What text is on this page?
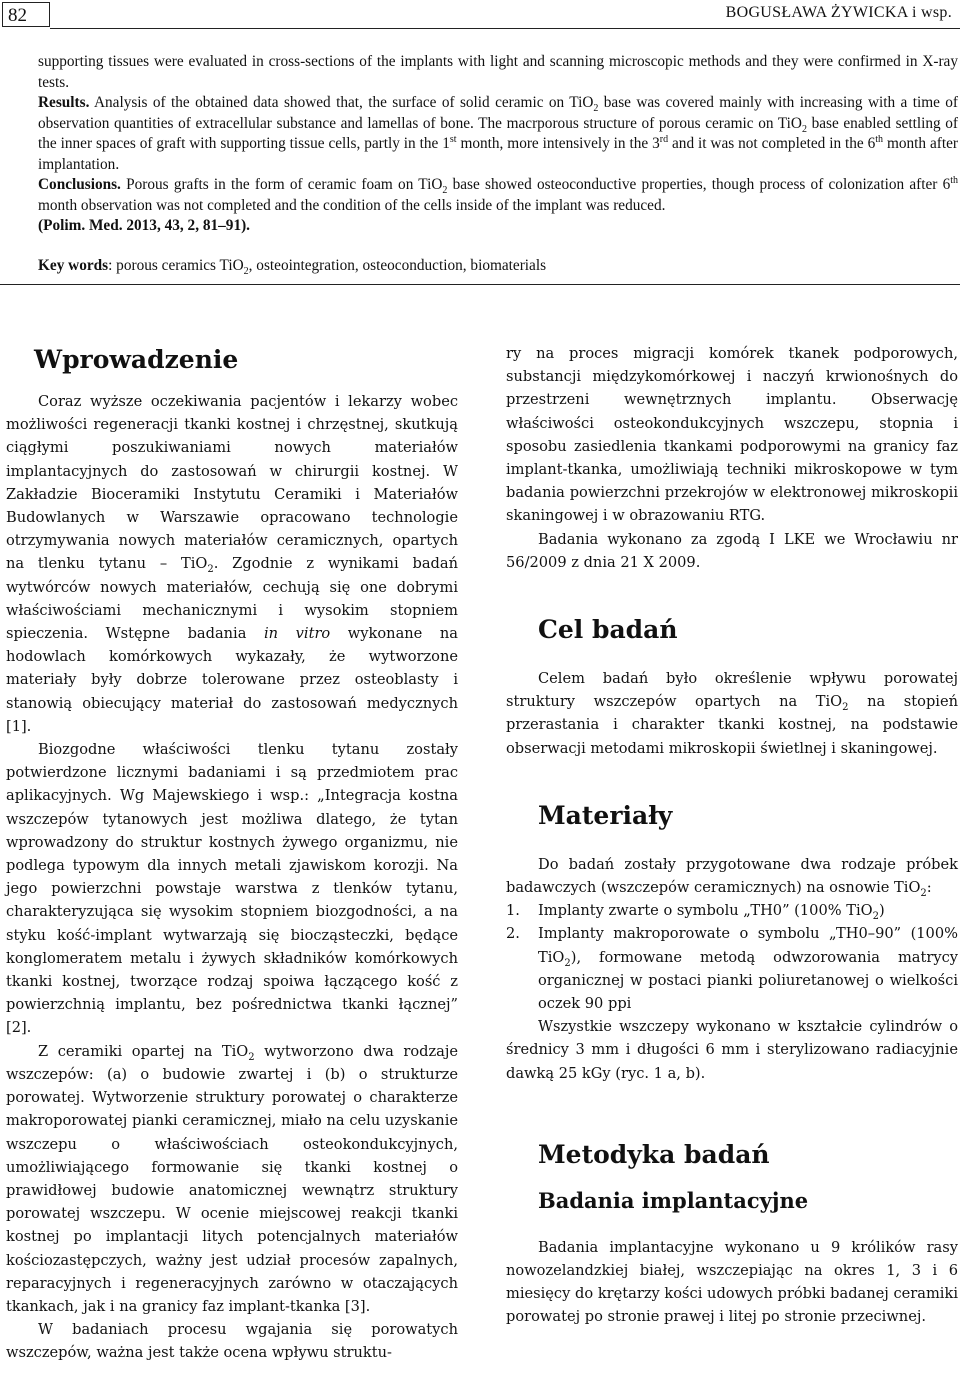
82	BOGUSŁAWA ŻYWICKA i wsp.

supporting tissues were evaluated in cross-sections of the implants with light and scanning microscopic methods and they were confirmed in X-ray tests.

Results. Analysis of the obtained data showed that, the surface of solid ceramic on TiO$_2$ base was covered mainly with increasing with a time of observation quantities of extracellular substance and lamellas of bone. The macrporous structure of porous ceramic on TiO$_2$ base enabled settling of the inner spaces of graft with supporting tissue cells, partly in the 1st month, more intensively in the 3rd and it was not completed in the 6th month after implantation.

Conclusions. Porous grafts in the form of ceramic foam on TiO$_2$ base showed osteoconductive properties, though process of colonization after 6th month observation was not completed and the condition of the cells inside of the implant was reduced.
(Polim. Med. 2013, 43, 2, 81–91).

Key words: porous ceramics TiO$_2$, osteointegration, osteoconduction, biomaterials
Wprowadzenie

Coraz wyższe oczekiwania pacjentów i lekarzy wobec możliwości regeneracji tkanki kostnej i chrzęstnej, skutkują ciągłymi poszukiwaniami nowych materiałów implantacyjnych do zastosowań w chirurgii kostnej. W Zakładzie Bioceramiki Instytutu Ceramiki i Materiałów Budowlanych w Warszawie opracowano technologie otrzymywania nowych materiałów ceramicznych, opartych na tlenku tytanu – TiO$_2$. Zgodnie z wynikami badań wytwórców nowych materiałów, cechują się one dobrymi właściwościami mechanicznymi i wysokim stopniem spieczenia. Wstępne badania in vitro wykonane na hodowlach komórkowych wykazały, że wytworzone materiały były dobrze tolerowane przez osteoblasty i stanowią obiecujący materiał do zastosowań medycznych [1].

Biozgodne właściwości tlenku tytanu zostały potwierdzone licznymi badaniami i są przedmiotem prac aplikacyjnych. Wg Majewskiego i wsp.: „Integracja kostna wszczepów tytanowych jest możliwa dlatego, że tytan wprowadzony do struktur kostnych żywego organizmu, nie podlega typowym dla innych metali zjawiskom korozji. Na jego powierzchni powstaje warstwa z tlenków tytanu, charakteryzująca się wysokim stopniem biozgodności, a na styku kość-implant wytwarzają się biocząsteczki, będące konglomeratem metalu i żywych składników komórkowych tkanki kostnej, tworzące rodzaj spoiwa łączącego kość z powierzchnią implantu, bez pośrednictwa tkanki łącznej” [2].

Z ceramiki opartej na TiO$_2$ wytworzono dwa rodzaje wszczepów: (a) o budowie zwartej i (b) o strukturze porowatej. Wytworzenie struktury porowatej o charakterze makroporowatej pianki ceramicznej, miało na celu uzyskanie wszczepu o właściwościach osteokondukcyjnych, umożliwiającego formowanie się tkanki kostnej o prawidłowej budowie anatomicznej wewnątrz struktury porowatej wszczepu. W ocenie miejscowej reakcji tkanki kostnej po implantacji litych potencjalnych materiałów kościozastępczych, ważny jest udział procesów zapalnych, reparacyjnych i regeneracyjnych zarówno w otaczających tkankach, jak i na granicy faz implant-tkanka [3].

W badaniach procesu wgajania się porowatych wszczepów, ważna jest także ocena wpływu struktu-

ry na proces migracji komórek tkanek podporowych, substancji międzykomórkowej i naczyń krwionośnych do przestrzeni wewnętrznych implantu. Obserwację właściwości osteokondukcyjnych wszczepu, stopnia i sposobu zasiedlenia tkankami podporowymi na granicy faz implant-tkanka, umożliwiają techniki mikroskopowe w tym badania powierzchni przekrojów w elektronowej mikroskopii skaningowej i w obrazowaniu RTG.

Badania wykonano za zgodą I LKE we Wrocławiu nr 56/2009 z dnia 21 X 2009.

Cel badań

Celem badań było określenie wpływu porowatej struktury wszczepów opartych na TiO$_2$ na stopień przerastania i charakter tkanki kostnej, na podstawie obserwacji metodami mikroskopii świetlnej i skaningowej.

Materiały

Do badań zostały przygotowane dwa rodzaje próbek badawczych (wszczepów ceramicznych) na osnowie TiO$_2$:

1.	Implanty zwarte o symbolu „TH0” (100% TiO$_2$)
2.	Implanty makroporowate o symbolu „TH0–90” (100% TiO$_2$), formowane metodą odwzorowania matrycy organicznej w postaci pianki poliuretanowej o wielkości oczek 90 ppi

Wszystkie wszczepy wykonano w kształcie cylindrów o średnicy 3 mm i długości 6 mm i sterylizowano radiacyjnie dawką 25 kGy (ryc. 1 a, b).

Metodyka badań
Badania implantacyjne

Badania implantacyjne wykonano u 9 królików rasy nowozelandzkiej białej, wszczepiając na okres 1, 3 i 6 miesięcy do krętarzy kości udowych próbki badanej ceramiki porowatej po stronie prawej i litej po stronie przeciwnej.
